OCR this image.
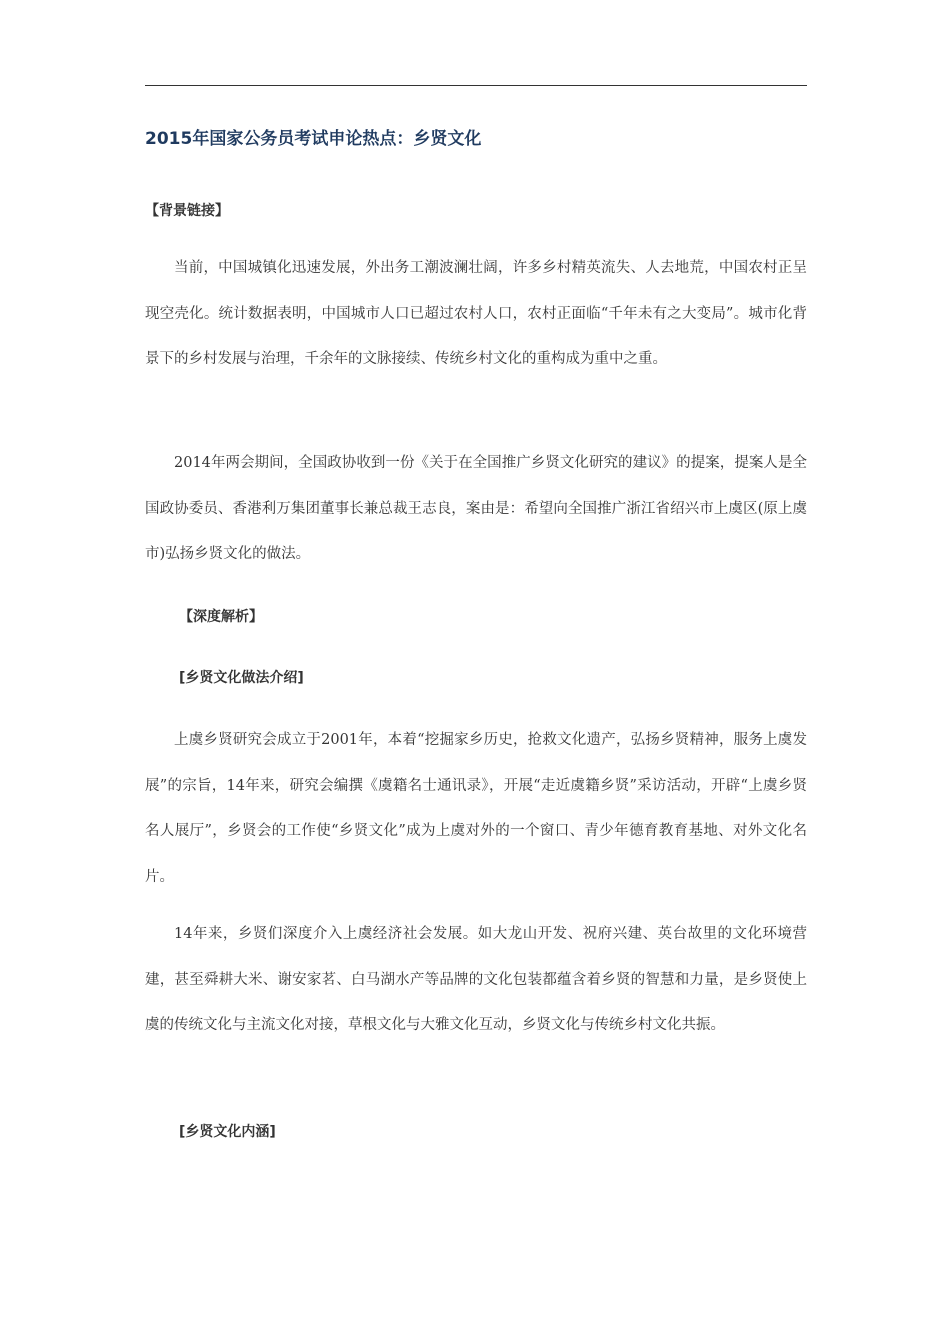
2015年国家公务员考试申论热点：乡贤文化
【背景链接】

当前，中国城镇化迅速发展，外出务工潮波澜壮阔，许多乡村精英流失、人去地荒，中国农村正呈现空壳化。统计数据表明，中国城市人口已超过农村人口，农村正面临“千年未有之大变局”。城市化背景下的乡村发展与治理，千余年的文脉接续、传统乡村文化的重构成为重中之重。

2014年两会期间，全国政协收到一份《关于在全国推广乡贤文化研究的建议》的提案，提案人是全国政协委员、香港利万集团董事长兼总裁王志良，案由是：希望向全国推广浙江省绍兴市上虞区(原上虞市)弘扬乡贤文化的做法。

【深度解析】
[乡贤文化做法介绍]

上虞乡贤研究会成立于2001年，本着“挖掘家乡历史，抢救文化遗产，弘扬乡贤精神，服务上虞发展”的宗旨，14年来，研究会编撰《虞籍名士通讯录》，开展“走近虞籍乡贤”采访活动，开辟“上虞乡贤名人展厅”，乡贤会的工作使“乡贤文化”成为上虞对外的一个窗口、青少年德育教育基地、对外文化名片。

14年来，乡贤们深度介入上虞经济社会发展。如大龙山开发、祝府兴建、英台故里的文化环境营建，甚至舜耕大米、谢安家茗、白马湖水产等品牌的文化包装都蕴含着乡贤的智慧和力量，是乡贤使上虞的传统文化与主流文化对接，草根文化与大雅文化互动，乡贤文化与传统乡村文化共振。

[乡贤文化内涵]
